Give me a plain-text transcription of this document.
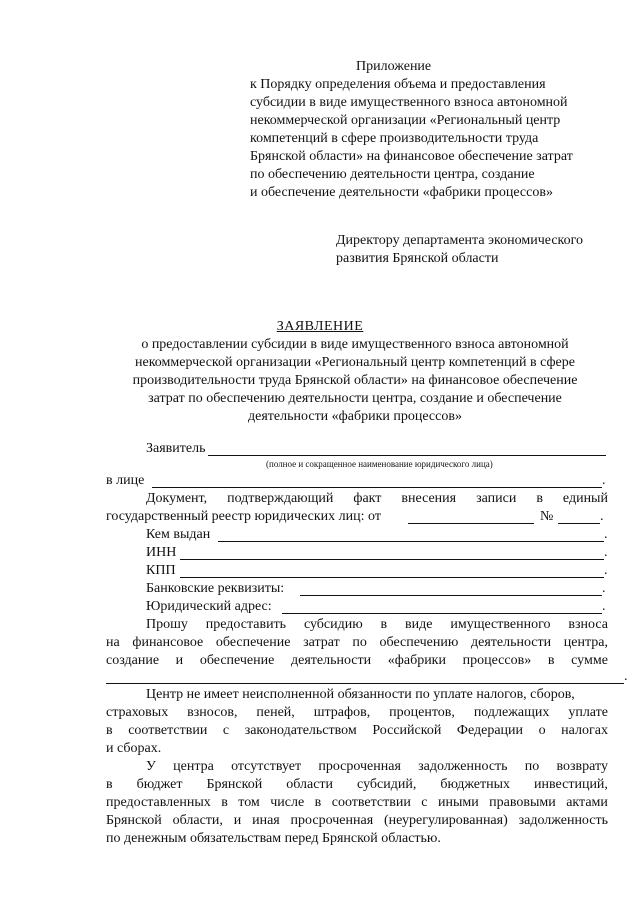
Приложение
к Порядку определения объема и предоставления
субсидии в виде имущественного взноса автономной
некоммерческой организации «Региональный центр
компетенций в сфере производительности труда
Брянской области» на финансовое обеспечение затрат
по обеспечению деятельности центра, создание
и обеспечение деятельности «фабрики процессов»
Директору департамента экономического
развития Брянской области
ЗАЯВЛЕНИЕ
о предоставлении субсидии в виде имущественного взноса автономной
некоммерческой организации «Региональный центр компетенций в сфере
производительности труда Брянской области» на финансовое обеспечение
затрат по обеспечению деятельности центра, создание и обеспечение
деятельности «фабрики процессов»
Заявитель
(полное и сокращенное наименование юридического лица)
в лице	.
Документ, подтверждающий факт внесения записи в единый
государственный реестр юридических лиц: от	№	.
Кем выдан	.
ИНН	.
КПП	.
Банковские реквизиты:	.
Юридический адрес:	.
Прошу предоставить субсидию в виде имущественного взноса
на финансовое обеспечение затрат по обеспечению деятельности центра,
создание и обеспечение деятельности «фабрики процессов» в сумме
.
Центр не имеет неисполненной обязанности по уплате налогов, сборов,
страховых взносов, пеней, штрафов, процентов, подлежащих уплате
в соответствии с законодательством Российской Федерации о налогах
и сборах.
У центра отсутствует просроченная задолженность по возврату
в бюджет Брянской области субсидий, бюджетных инвестиций,
предоставленных в том числе в соответствии с иными правовыми актами
Брянской области, и иная просроченная (неурегулированная) задолженность
по денежным обязательствам перед Брянской областью.
